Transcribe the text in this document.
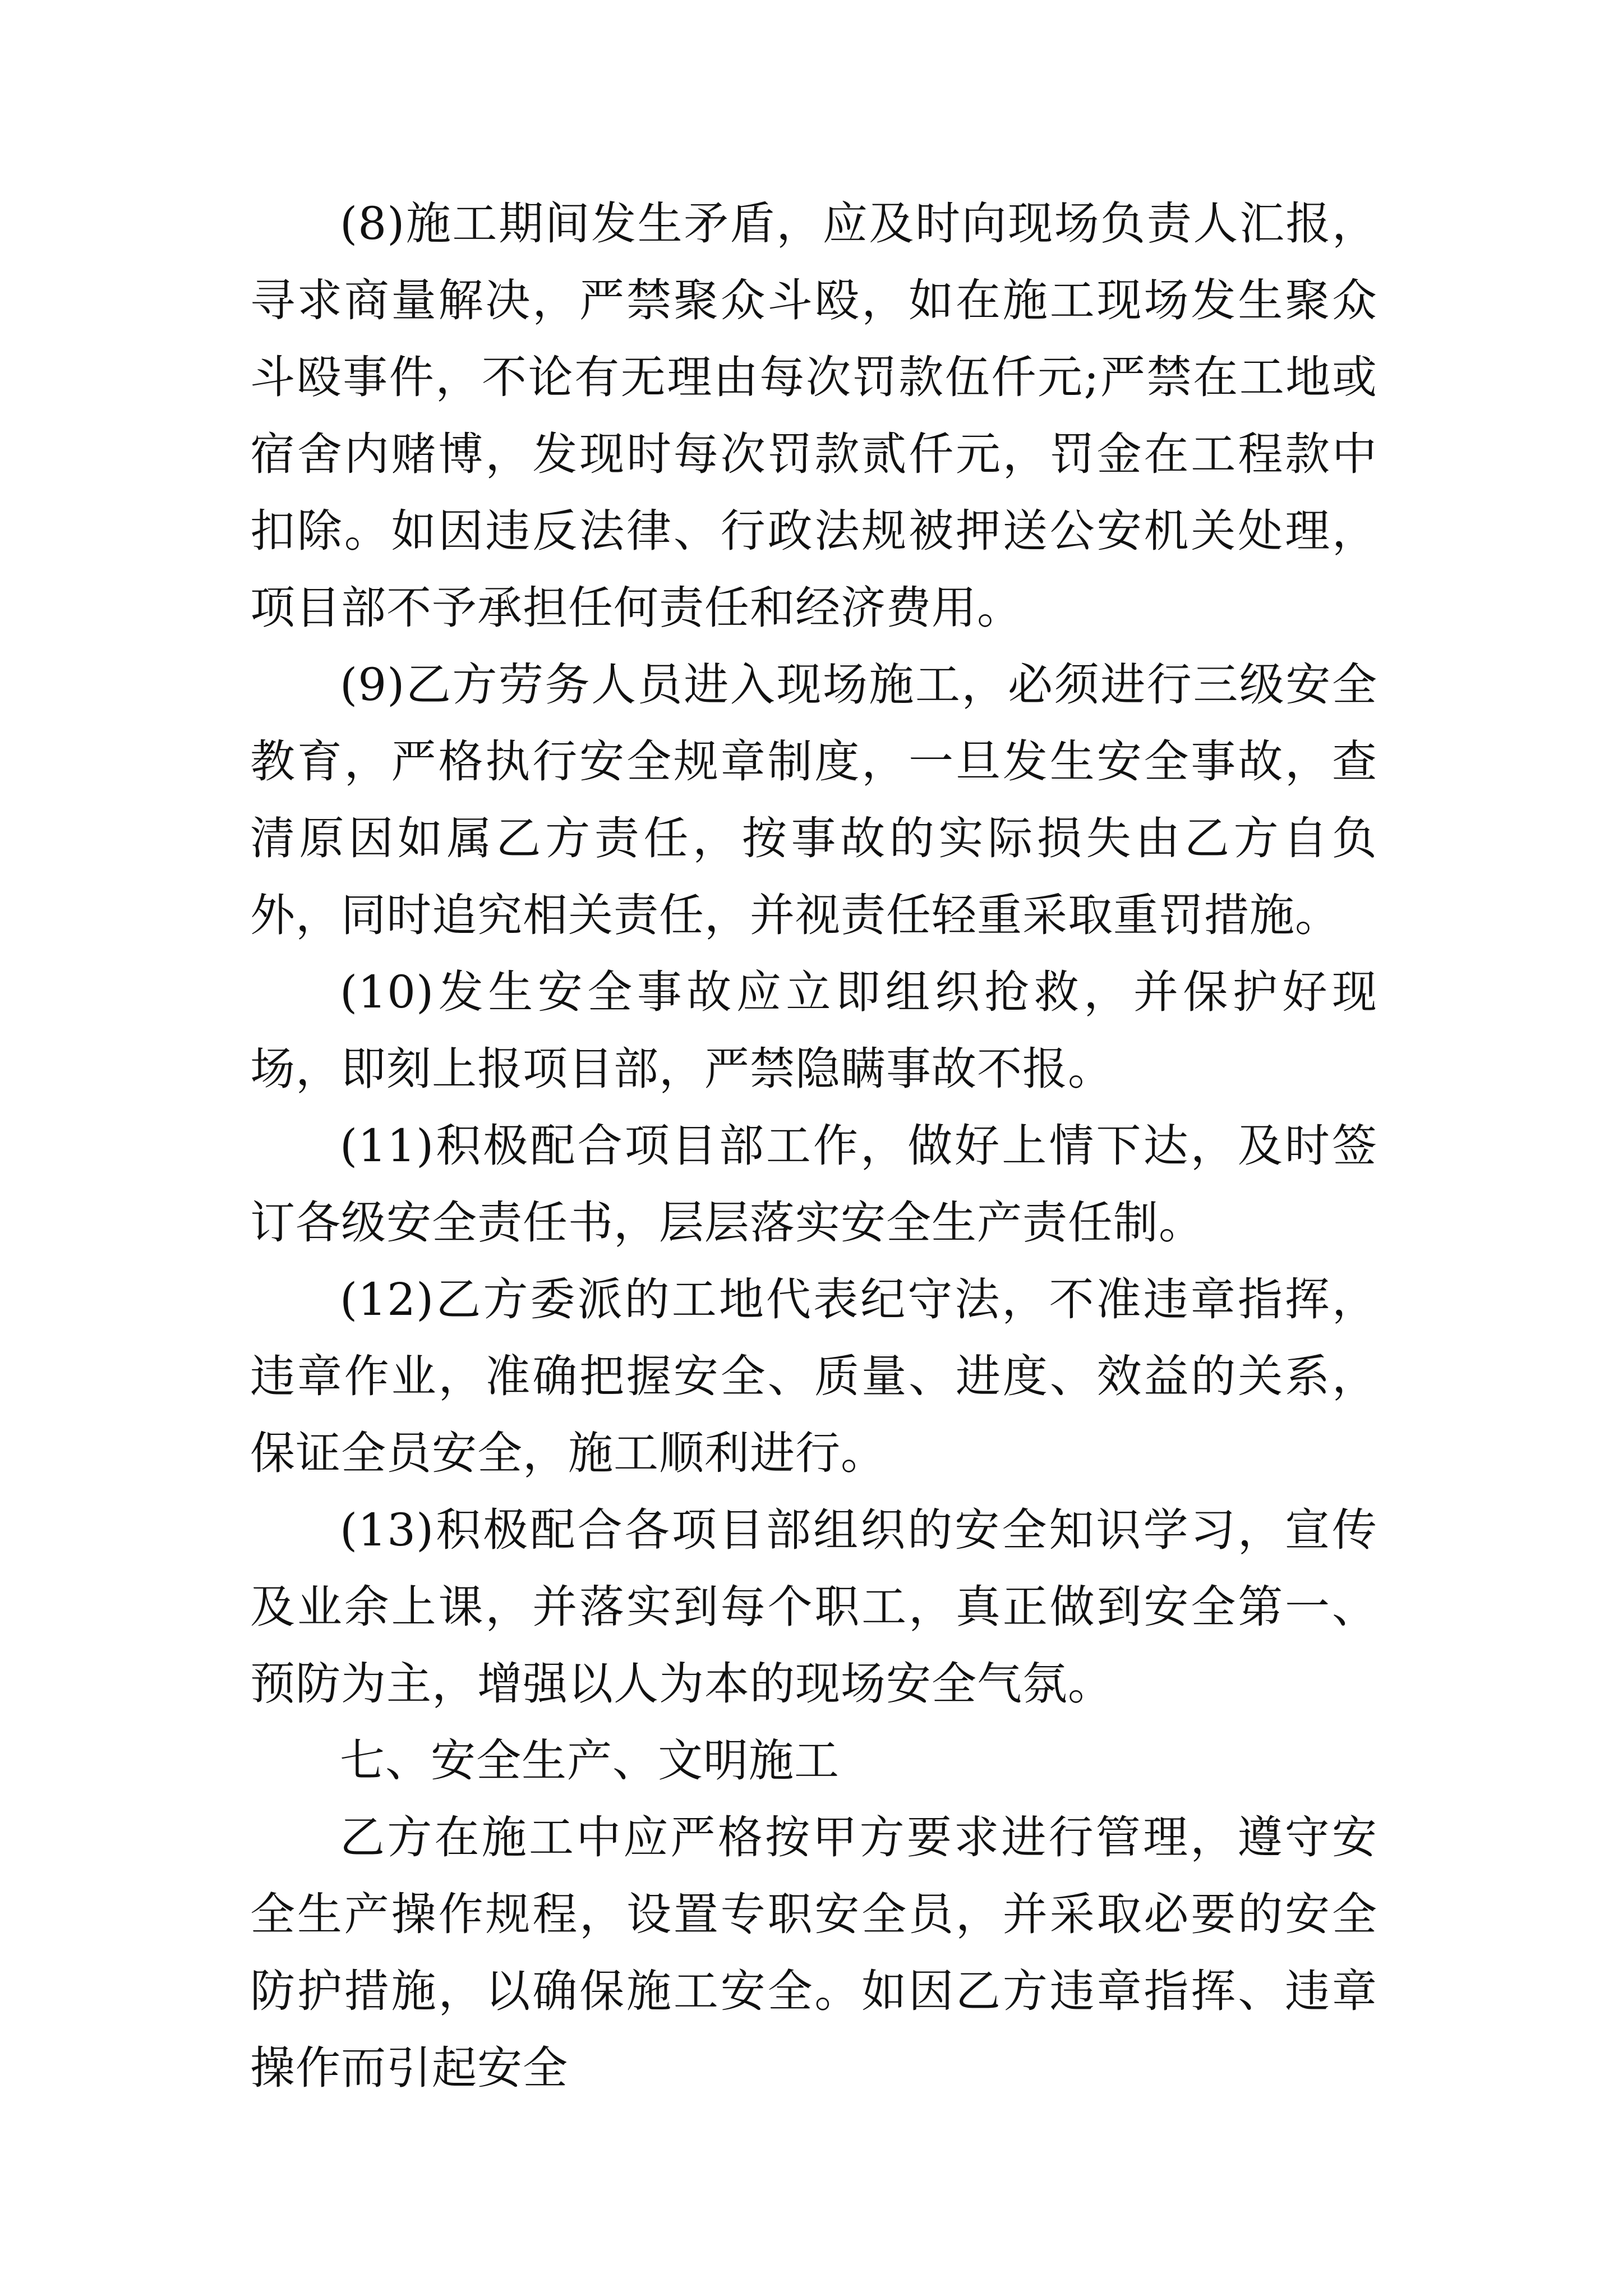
(8)施工期间发生矛盾，应及时向现场负责人汇报，寻求商量解决，严禁聚众斗殴，如在施工现场发生聚众斗殴事件，不论有无理由每次罚款伍仟元;严禁在工地或宿舍内赌博，发现时每次罚款贰仟元，罚金在工程款中扣除。如因违反法律、行政法规被押送公安机关处理，项目部不予承担任何责任和经济费用。

(9)乙方劳务人员进入现场施工，必须进行三级安全教育，严格执行安全规章制度，一旦发生安全事故，查清原因如属乙方责任，按事故的实际损失由乙方自负外，同时追究相关责任，并视责任轻重采取重罚措施。

(10)发生安全事故应立即组织抢救，并保护好现场，即刻上报项目部，严禁隐瞒事故不报。

(11)积极配合项目部工作，做好上情下达，及时签订各级安全责任书，层层落实安全生产责任制。

(12)乙方委派的工地代表纪守法，不准违章指挥，违章作业，准确把握安全、质量、进度、效益的关系，保证全员安全，施工顺利进行。

(13)积极配合各项目部组织的安全知识学习，宣传及业余上课，并落实到每个职工，真正做到安全第一、预防为主，增强以人为本的现场安全气氛。

七、安全生产、文明施工

乙方在施工中应严格按甲方要求进行管理，遵守安全生产操作规程，设置专职安全员，并采取必要的安全防护措施，以确保施工安全。如因乙方违章指挥、违章操作而引起安全
